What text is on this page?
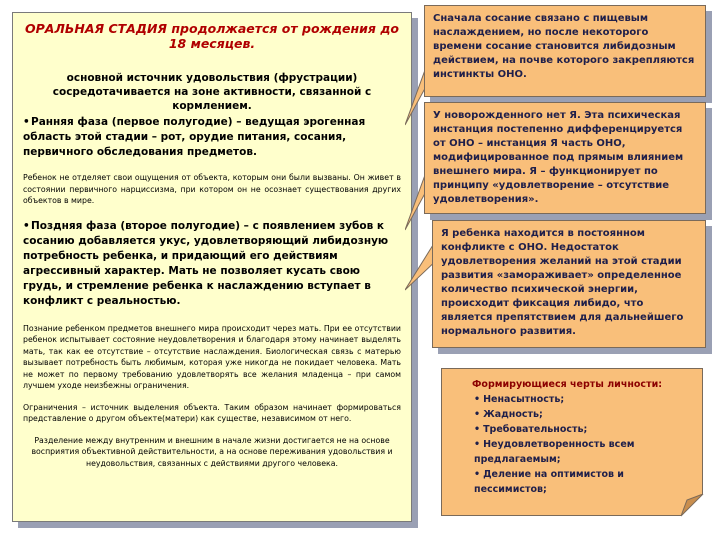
ОРАЛЬНАЯ СТАДИЯ продолжается от рождения до 18 месяцев.

основной источник удовольствия (фрустрации) сосредотачивается на зоне активности, связанной с кормлением.

•Ранняя фаза (первое полугодие) – ведущая эрогенная область этой стадии – рот, орудие питания, сосания, первичного обследования предметов.

Ребенок не отделяет свои ощущения от объекта, которым они были вызваны. Он живет в состоянии первичного нарциссизма, при котором он не осознает существования других объектов в мире.

•Поздняя фаза (второе полугодие) – с появлением зубов к сосанию добавляется укус, удовлетворяющий либидозную потребность ребенка, и придающий его действиям агрессивный характер. Мать не позволяет кусать свою грудь, и стремление ребенка к наслаждению вступает в конфликт с реальностью.

Познание ребенком предметов внешнего мира происходит через мать. При ее отсутствии ребенок испытывает состояние неудовлетворения и благодаря этому начинает выделять мать, так как ее отсутствие – отсутствие наслаждения. Биологическая связь с матерью вызывает потребность быть любимым, которая уже никогда не покидает человека. Мать не может по первому требованию удовлетворять все желания младенца – при самом лучшем уходе неизбежны ограничения.

Ограничения – источник выделения объекта. Таким образом начинает формироваться представление о другом объекте(матери) как существе, независимом от него.

Разделение между внутренним и внешним в начале жизни достигается не на основе восприятия объективной действительности, а на основе переживания удовольствия и неудовольствия, связанных с действиями другого человека.

Сначала сосание связано с пищевым наслаждением, но после некоторого времени сосание становится либидозным действием, на почве которого закрепляются инстинкты ОНО.
У новорожденного нет Я. Эта психическая инстанция постепенно дифференцируется от ОНО – инстанция Я часть ОНО, модифицированное под прямым влиянием внешнего мира. Я – функционирует по принципу «удовлетворение – отсутствие удовлетворения».
Я ребенка находится в постоянном конфликте с ОНО. Недостаток удовлетворения желаний на этой стадии развития «замораживает» определенное количество психической энергии, происходит фиксация либидо, что является препятствием для дальнейшего нормального развития.
Формирующиеся черты личности:
• Ненасытность;
• Жадность;
• Требовательность;
• Неудовлетворенность всем предлагаемым;
• Деление на оптимистов и пессимистов;
